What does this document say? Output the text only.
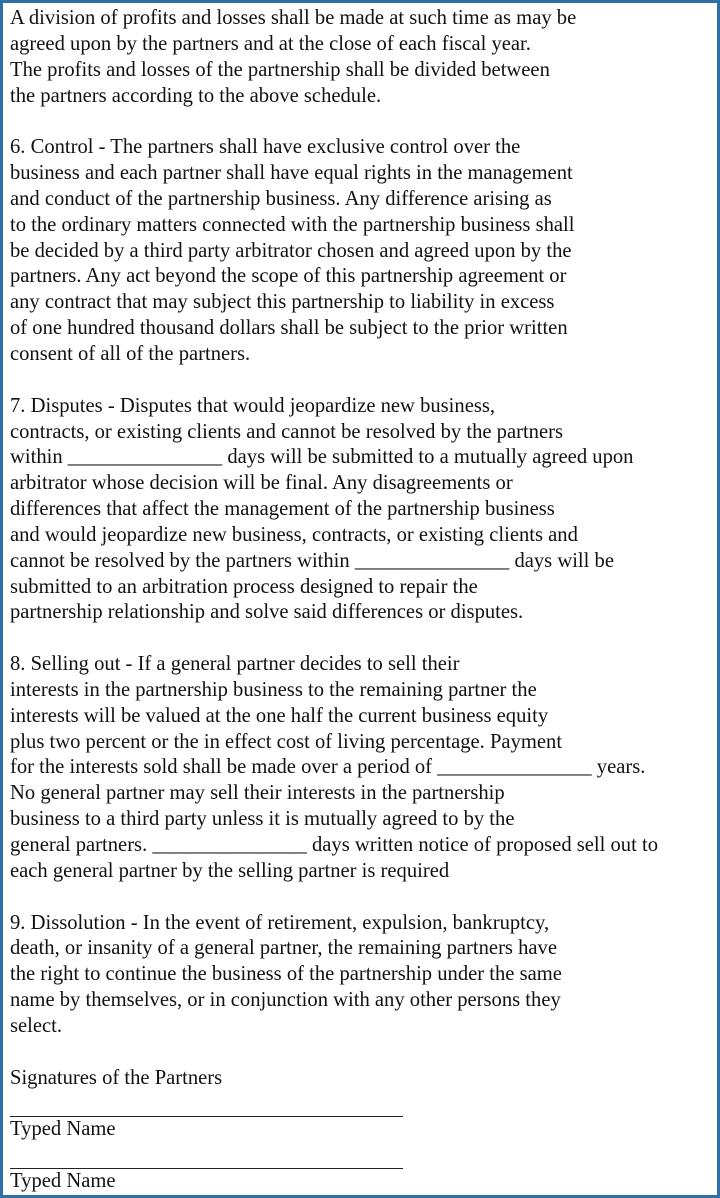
A division of profits and losses shall be made at such time as may be
agreed upon by the partners and at the close of each fiscal year.
The profits and losses of the partnership shall be divided between
the partners according to the above schedule.
6. Control - The partners shall have exclusive control over the
business and each partner shall have equal rights in the management
and conduct of the partnership business. Any difference arising as
to the ordinary matters connected with the partnership business shall
be decided by a third party arbitrator chosen and agreed upon by the
partners. Any act beyond the scope of this partnership agreement or
any contract that may subject this partnership to liability in excess
of one hundred thousand dollars shall be subject to the prior written
consent of all of the partners.
7. Disputes - Disputes that would jeopardize new business,
contracts, or existing clients and cannot be resolved by the partners
within _______________ days will be submitted to a mutually agreed upon
arbitrator whose decision will be final. Any disagreements or
differences that affect the management of the partnership business
and would jeopardize new business, contracts, or existing clients and
cannot be resolved by the partners within _______________ days will be
submitted to an arbitration process designed to repair the
partnership relationship and solve said differences or disputes.
8. Selling out - If a general partner decides to sell their
interests in the partnership business to the remaining partner the
interests will be valued at the one half the current business equity
plus two percent or the in effect cost of living percentage. Payment
for the interests sold shall be made over a period of _______________ years.
No general partner may sell their interests in the partnership
business to a third party unless it is mutually agreed to by the
general partners. _______________ days written notice of proposed sell out to
each general partner by the selling partner is required
9. Dissolution - In the event of retirement, expulsion, bankruptcy,
death, or insanity of a general partner, the remaining partners have
the right to continue the business of the partnership under the same
name by themselves, or in conjunction with any other persons they
select.
Signatures of the Partners
Typed Name
Typed Name
